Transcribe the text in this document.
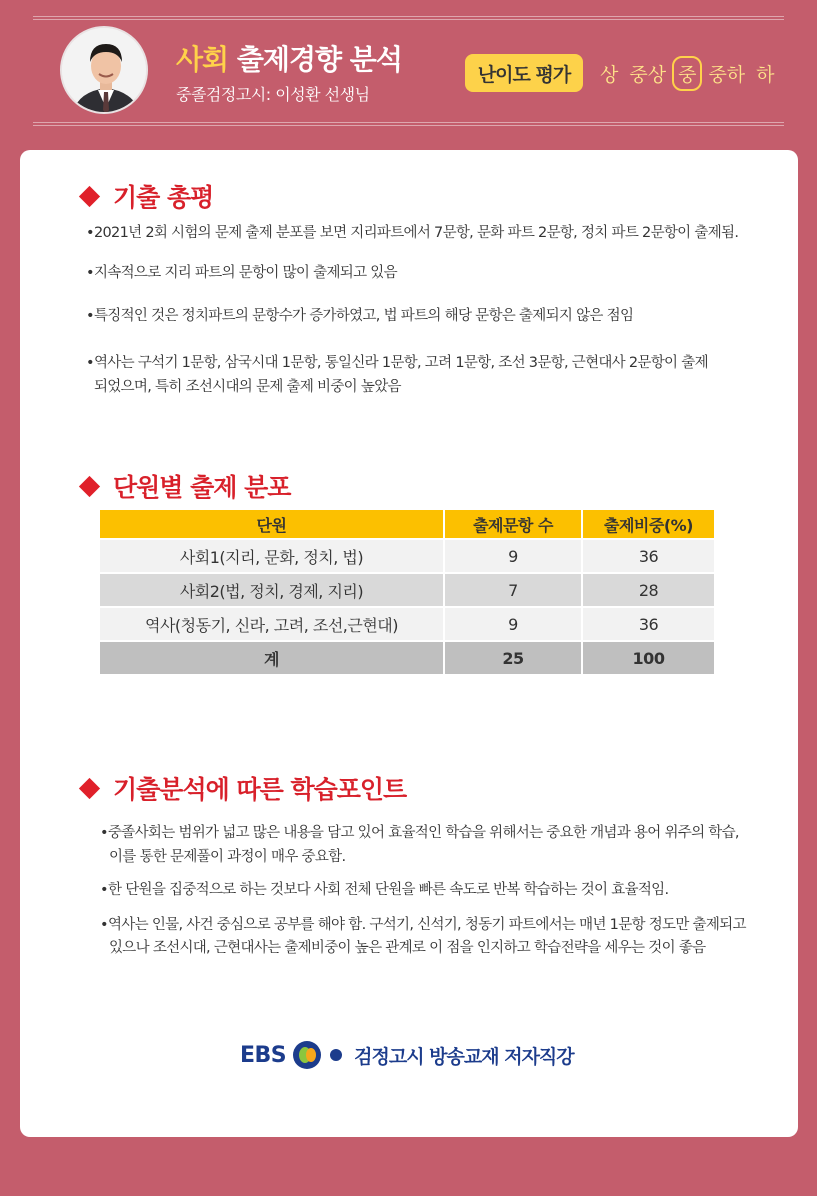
사회 출제경향 분석
중졸검정고시: 이성환 선생님
난이도 평가	상 중상 중 중하 하
기출 총평
•2021년 2회 시험의 문제 출제 분포를 보면 지리파트에서 7문항, 문화 파트 2문항, 정치 파트 2문항이 출제됨.
•지속적으로 지리 파트의 문항이 많이 출제되고 있음
•특징적인 것은 정치파트의 문항수가 증가하였고, 법 파트의 해당 문항은 출제되지 않은 점임
•역사는 구석기 1문항, 삼국시대 1문항, 통일신라 1문항, 고려 1문항, 조선 3문항, 근현대사 2문항이 출제
되었으며, 특히 조선시대의 문제 출제 비중이 높았음
단원별 출제 분포
단원	출제문항 수	출제비중(%)
사회1(지리, 문화, 정치, 법)	9	36
사회2(법, 정치, 경제, 지리)	7	28
역사(청동기, 신라, 고려, 조선,근현대)	9	36
계	25	100
기출분석에 따른 학습포인트
•중졸사회는 범위가 넓고 많은 내용을 담고 있어 효율적인 학습을 위해서는 중요한 개념과 용어 위주의 학습,
이를 통한 문제풀이 과정이 매우 중요함.
•한 단원을 집중적으로 하는 것보다 사회 전체 단원을 빠른 속도로 반복 학습하는 것이 효율적임.
•역사는 인물, 사건 중심으로 공부를 해야 함. 구석기, 신석기, 청동기 파트에서는 매년 1문항 정도만 출제되고
있으나 조선시대, 근현대사는 출제비중이 높은 관계로 이 점을 인지하고 학습전략을 세우는 것이 좋음
EBS	검정고시 방송교재 저자직강
